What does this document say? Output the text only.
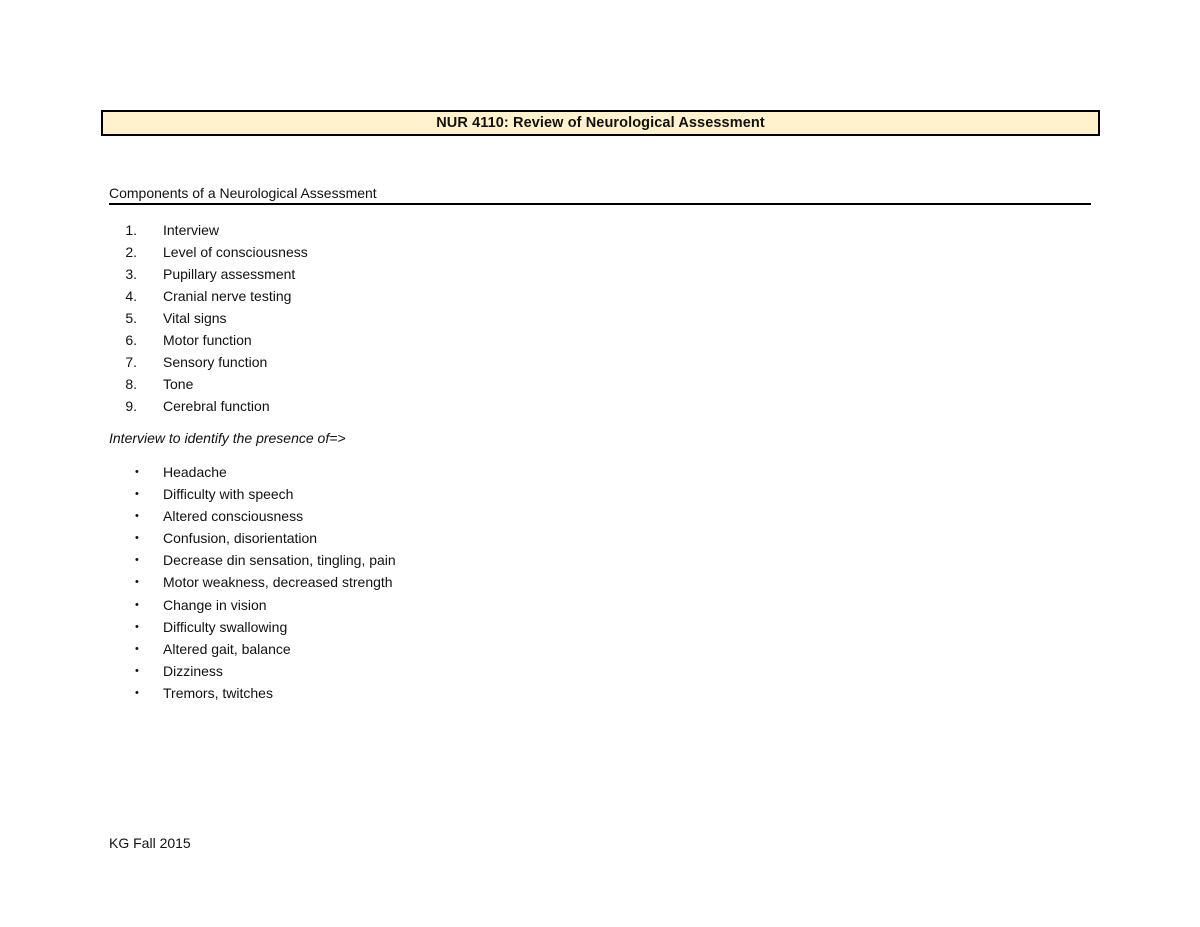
NUR 4110: Review of Neurological Assessment
Components of a Neurological Assessment
1.	Interview
2.	Level of consciousness
3.	Pupillary assessment
4.	Cranial nerve testing
5.	Vital signs
6.	Motor function
7.	Sensory function
8.	Tone
9.	Cerebral function
Interview to identify the presence of=>
•	Headache
•	Difficulty with speech
•	Altered consciousness
•	Confusion, disorientation
•	Decrease din sensation, tingling, pain
•	Motor weakness, decreased strength
•	Change in vision
•	Difficulty swallowing
•	Altered gait, balance
•	Dizziness
•	Tremors, twitches
KG Fall 2015
